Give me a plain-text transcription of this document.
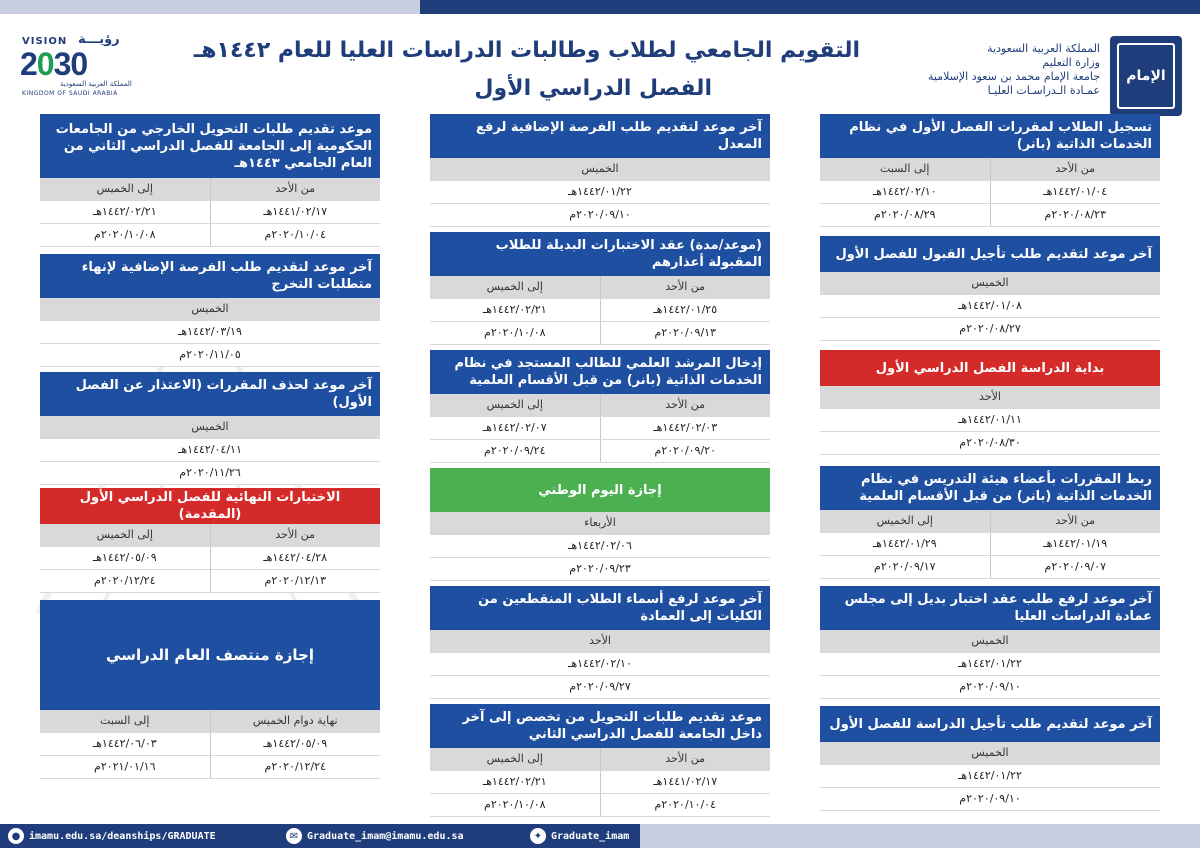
VISION رؤيـــة
2030
المملكة العربية السعودية
KINGDOM OF SAUDI ARABIA
التقويم الجامعي لطلاب وطالبات الدراسات العليا للعام ١٤٤٢هـ
الفصل الدراسي الأول
المملكة العربية السعودية
وزارة التعليم
جامعة الإمام محمد بن سعود الإسلامية
عمـادة الـدراسـات العليـا
الإمام
تسجيل الطلاب لمقررات الفصل الأول في نظام الخدمات الذاتية (بانر)
من الأحد
إلى السبت
١٤٤٢/٠١/٠٤هـ
١٤٤٢/٠٢/١٠هـ
٢٠٢٠/٠٨/٢٣م
٢٠٢٠/٠٨/٢٩م
آخر موعد لتقديم طلب تأجيل القبول للفصل الأول
الخميس
١٤٤٢/٠١/٠٨هـ
٢٠٢٠/٠٨/٢٧م
بداية الدراسة الفصل الدراسي الأول
الأحد
١٤٤٢/٠١/١١هـ
٢٠٢٠/٠٨/٣٠م
ربط المقررات بأعضاء هيئة التدريس في نظام الخدمات الذاتية (بانر) من قبل الأقسام العلمية
من الأحد
إلى الخميس
١٤٤٢/٠١/١٩هـ
١٤٤٢/٠١/٢٩هـ
٢٠٢٠/٠٩/٠٧م
٢٠٢٠/٠٩/١٧م
آخر موعد لرفع طلب عقد اختبار بديل إلى مجلس عمادة الدراسات العليا
الخميس
١٤٤٢/٠١/٢٢هـ
٢٠٢٠/٠٩/١٠م
آخر موعد لتقديم طلب تأجيل الدراسة للفصل الأول
الخميس
١٤٤٢/٠١/٢٢هـ
٢٠٢٠/٠٩/١٠م
آخر موعد لتقديم طلب الفرصة الإضافية لرفع المعدل
الخميس
١٤٤٢/٠١/٢٢هـ
٢٠٢٠/٠٩/١٠م
(موعد/مدة) عقد الاختبارات البديلة للطلاب المقبولة أعذارهم
من الأحد
إلى الخميس
١٤٤٢/٠١/٢٥هـ
١٤٤٢/٠٢/٢١هـ
٢٠٢٠/٠٩/١٣م
٢٠٢٠/١٠/٠٨م
إدخال المرشد العلمي للطالب المستجد في نظام الخدمات الذاتية (بانر) من قبل الأقسام العلمية
من الأحد
إلى الخميس
١٤٤٢/٠٢/٠٣هـ
١٤٤٢/٠٢/٠٧هـ
٢٠٢٠/٠٩/٢٠م
٢٠٢٠/٠٩/٢٤م
إجازة اليوم الوطني
الأربعاء
١٤٤٢/٠٢/٠٦هـ
٢٠٢٠/٠٩/٢٣م
آخر موعد لرفع أسماء الطلاب المنقطعين من الكليات إلى العمادة
الأحد
١٤٤٢/٠٢/١٠هـ
٢٠٢٠/٠٩/٢٧م
موعد تقديم طلبات التحويل من تخصص إلى آخر داخل الجامعة للفصل الدراسي الثاني
من الأحد
إلى الخميس
١٤٤١/٠٢/١٧هـ
١٤٤٢/٠٢/٢١هـ
٢٠٢٠/١٠/٠٤م
٢٠٢٠/١٠/٠٨م
موعد تقديم طلبات التحويل الخارجي من الجامعات الحكومية إلى الجامعة للفصل الدراسي الثاني من العام الجامعي ١٤٤٣هـ
من الأحد
إلى الخميس
١٤٤١/٠٢/١٧هـ
١٤٤٢/٠٢/٢١هـ
٢٠٢٠/١٠/٠٤م
٢٠٢٠/١٠/٠٨م
آخر موعد لتقديم طلب الفرصة الإضافية لإنهاء متطلبات التخرج
الخميس
١٤٤٢/٠٣/١٩هـ
٢٠٢٠/١١/٠٥م
آخر موعد لحذف المقررات (الاعتذار عن الفصل الأول)
الخميس
١٤٤٢/٠٤/١١هـ
٢٠٢٠/١١/٢٦م
الاختبارات النهائية للفصل الدراسي الأول (المقدمة)
من الأحد
إلى الخميس
١٤٤٢/٠٤/٢٨هـ
١٤٤٢/٠٥/٠٩هـ
٢٠٢٠/١٢/١٣م
٢٠٢٠/١٢/٢٤م
إجازة منتصف العام الدراسي
نهاية دوام الخميس
إلى السبت
١٤٤٢/٠٥/٠٩هـ
١٤٤٢/٠٦/٠٣هـ
٢٠٢٠/١٢/٢٤م
٢٠٢١/٠١/١٦م
● imamu.edu.sa/deanships/GRADUATE	✉ Graduate_imam@imamu.edu.sa	✦ Graduate_imam
